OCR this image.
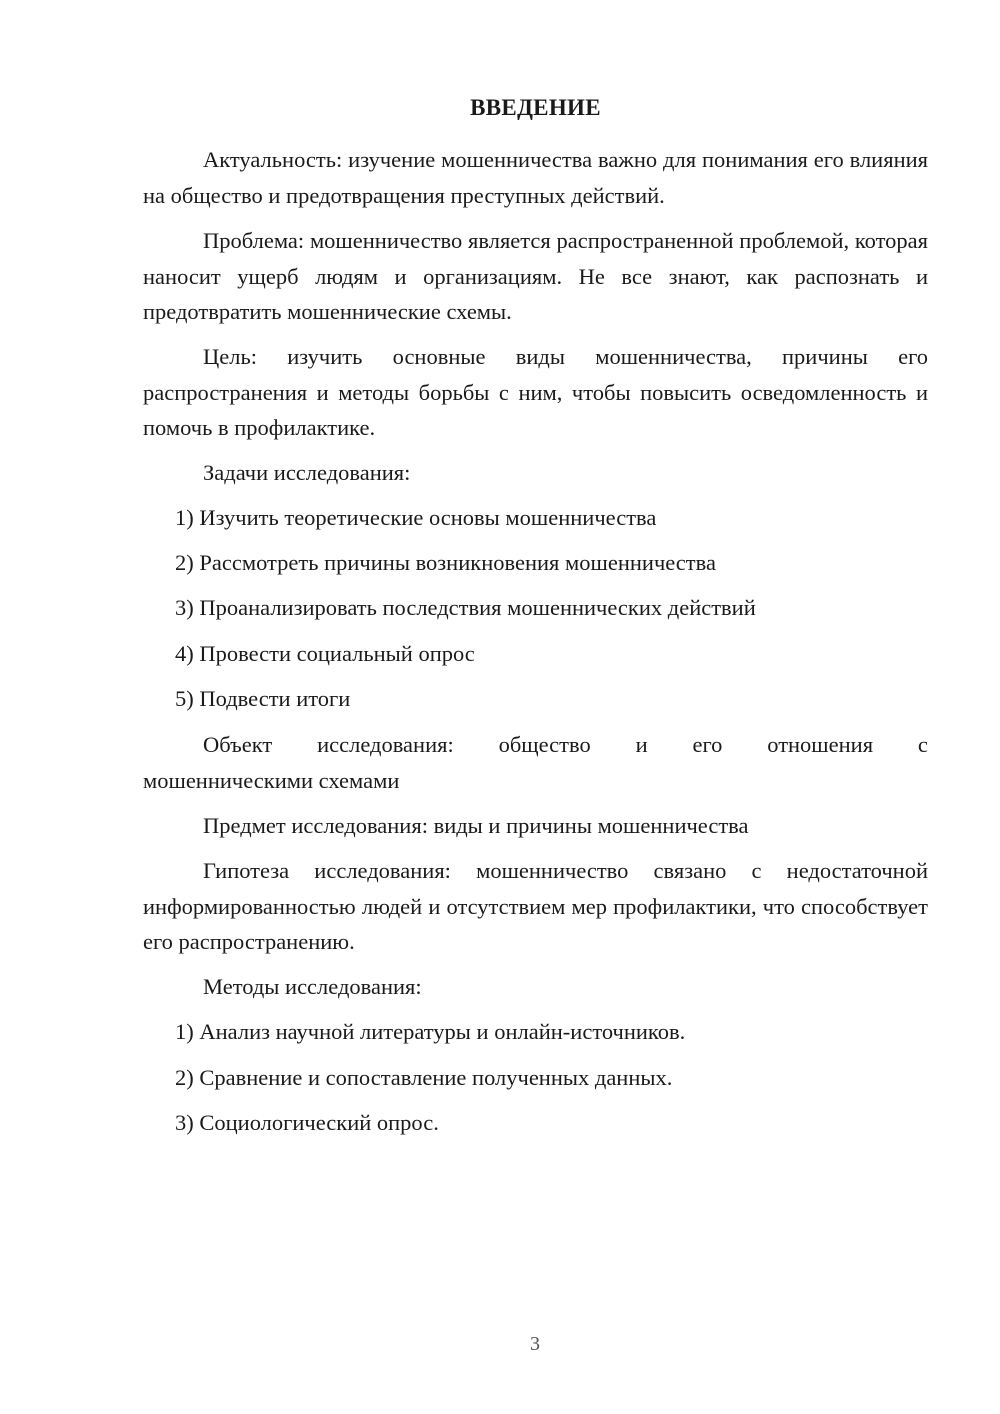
ВВЕДЕНИЕ

Актуальность: изучение мошенничества важно для понимания его влияния на общество и предотвращения преступных действий.

Проблема: мошенничество является распространенной проблемой, которая наносит ущерб людям и организациям. Не все знают, как распознать и предотвратить мошеннические схемы.

Цель: изучить основные виды мошенничества, причины его распространения и методы борьбы с ним, чтобы повысить осведомленность и помочь в профилактике.

Задачи исследования:

1) Изучить теоретические основы мошенничества

2) Рассмотреть причины возникновения мошенничества

3) Проанализировать последствия мошеннических действий

4) Провести социальный опрос

5) Подвести итоги

Объект исследования: общество и его отношения с

мошенническими схемами

Предмет исследования: виды и причины мошенничества

Гипотеза исследования: мошенничество связано с недостаточной информированностью людей и отсутствием мер профилактики, что способствует его распространению.

Методы исследования:

1) Анализ научной литературы и онлайн-источников.

2) Сравнение и сопоставление полученных данных.

3) Социологический опрос.

3
